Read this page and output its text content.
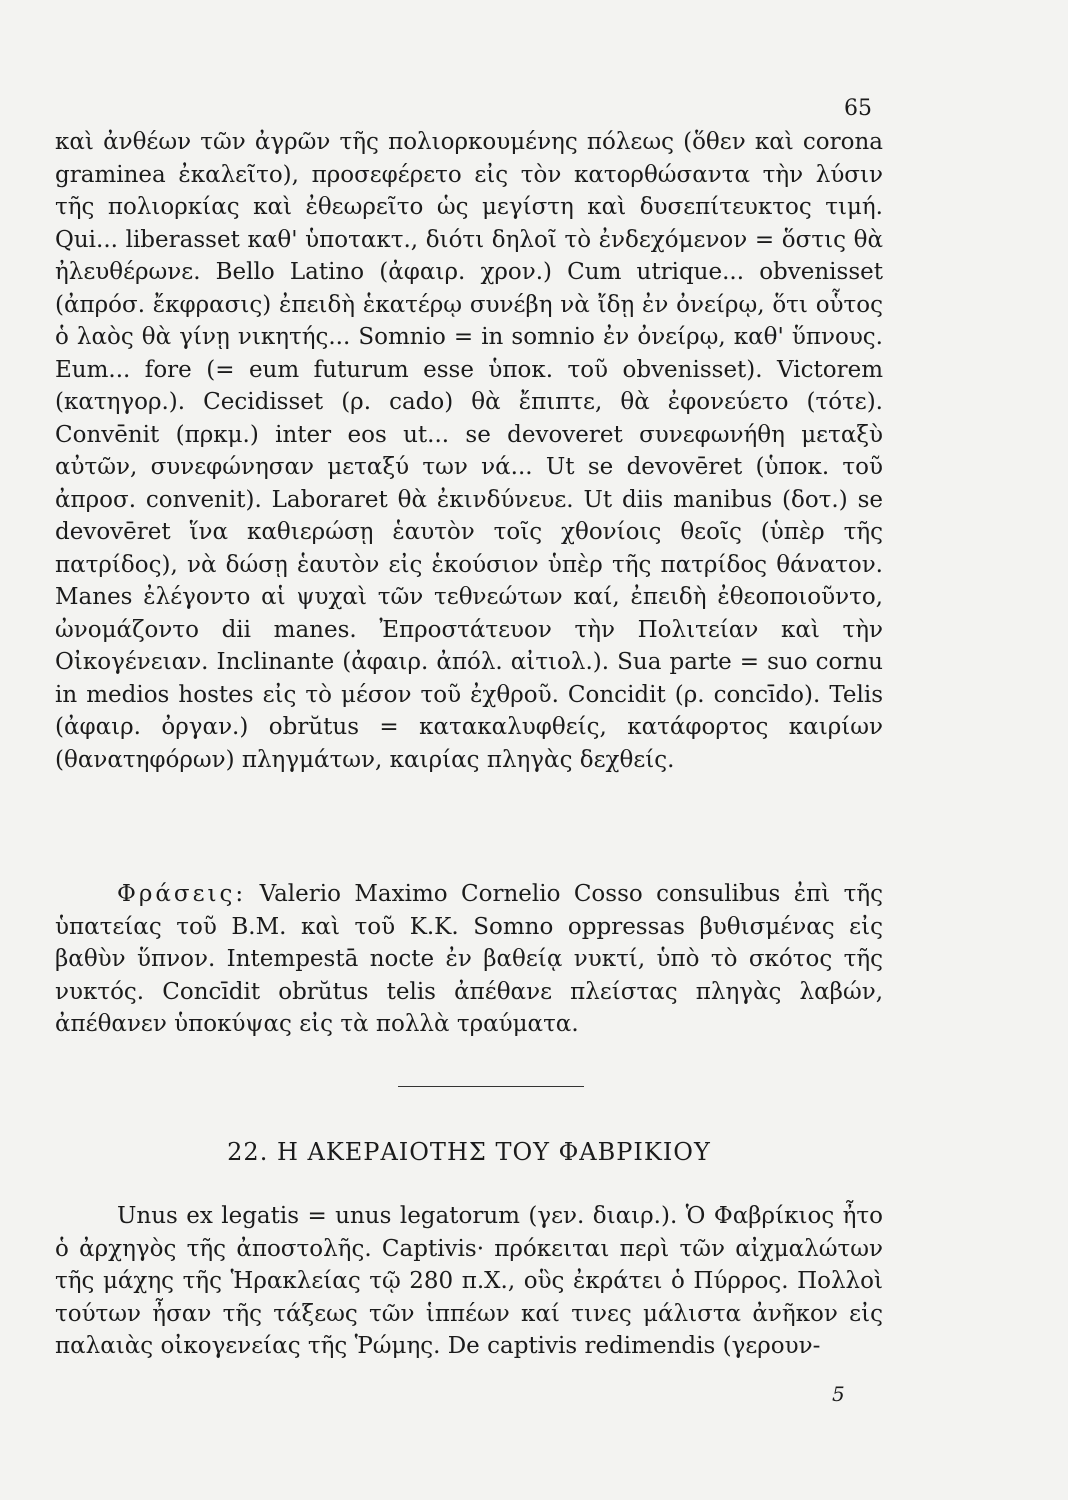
65

καὶ ἀνθέων τῶν ἀγρῶν τῆς πολιορκουμένης πόλεως (ὅθεν καὶ corona graminea ἐκαλεῖτο), προσεφέρετο εἰς τὸν κατορθώσαντα τὴν λύσιν τῆς πολιορκίας καὶ ἐθεωρεῖτο ὡς μεγίστη καὶ δυσεπίτευκτος τιμή. Qui... liberasset καθ' ὑποτακτ., διότι δηλοῖ τὸ ἐνδεχόμενον = ὅστις θὰ ἠλευθέρωνε. Bello Latino (ἀφαιρ. χρον.) Cum utrique... obvenisset (ἀπρόσ. ἔκφρασις) ἐπειδὴ ἑκατέρῳ συνέβη νὰ ἴδῃ ἐν ὀνείρῳ, ὅτι οὗτος ὁ λαὸς θὰ γίνῃ νικητής... Somnio = in somnio ἐν ὀνείρῳ, καθ' ὕπνους. Eum... fore (= eum futurum esse ὑποκ. τοῦ obvenisset). Victorem (κατηγορ.). Cecidisset (ρ. cado) θὰ ἔπιπτε, θὰ ἐφονεύετο (τότε). Convēnit (πρκμ.) inter eos ut... se devoveret συνεφωνήθη μεταξὺ αὐτῶν, συνεφώνησαν μεταξύ των νά... Ut se devovēret (ὑποκ. τοῦ ἀπροσ. convenit). Laboraret θὰ ἐκινδύνευε. Ut diis manibus (δοτ.) se devovēret ἵνα καθιερώσῃ ἑαυτὸν τοῖς χθονίοις θεοῖς (ὑπὲρ τῆς πατρίδος), νὰ δώσῃ ἑαυτὸν εἰς ἑκούσιον ὑπὲρ τῆς πατρίδος θάνατον. Manes ἐλέγοντο αἱ ψυχαὶ τῶν τεθνεώτων καί, ἐπειδὴ ἐθεοποιοῦντο, ὠνομάζοντο dii manes. Ἐπροστάτευον τὴν Πολιτείαν καὶ τὴν Οἰκογένειαν. Inclinante (ἀφαιρ. ἀπόλ. αἰτιολ.). Sua parte = suo cornu in medios hostes εἰς τὸ μέσον τοῦ ἐχθροῦ. Concidit (ρ. concīdo). Telis (ἀφαιρ. ὀργαν.) obrŭtus = κατακαλυφθείς, κατάφορτος καιρίων (θανατηφόρων) πληγμάτων, καιρίας πληγὰς δεχθείς.

Φράσεις: Valerio Maximo Cornelio Cosso consulibus ἐπὶ τῆς ὑπατείας τοῦ Β.Μ. καὶ τοῦ Κ.Κ. Somno oppressas βυθισμένας εἰς βαθὺν ὕπνον. Intempestā nocte ἐν βαθείᾳ νυκτί, ὑπὸ τὸ σκότος τῆς νυκτός. Concīdit obrŭtus telis ἀπέθανε πλείστας πληγὰς λαβών, ἀπέθανεν ὑποκύψας εἰς τὰ πολλὰ τραύματα.

22. Η ΑΚΕΡΑΙΟΤΗΣ ΤΟΥ ΦΑΒΡΙΚΙΟΥ

Unus ex legatis = unus legatorum (γεν. διαιρ.). Ὁ Φαβρίκιος ἦτο ὁ ἀρχηγὸς τῆς ἀποστολῆς. Captivis· πρόκειται περὶ τῶν αἰχμαλώτων τῆς μάχης τῆς Ἡρακλείας τῷ 280 π.Χ., οὓς ἐκράτει ὁ Πύρρος. Πολλοὶ τούτων ἦσαν τῆς τάξεως τῶν ἱππέων καί τινες μάλιστα ἀνῆκον εἰς παλαιὰς οἰκογενείας τῆς Ῥώμης. De captivis redimendis (γερουν-

5
